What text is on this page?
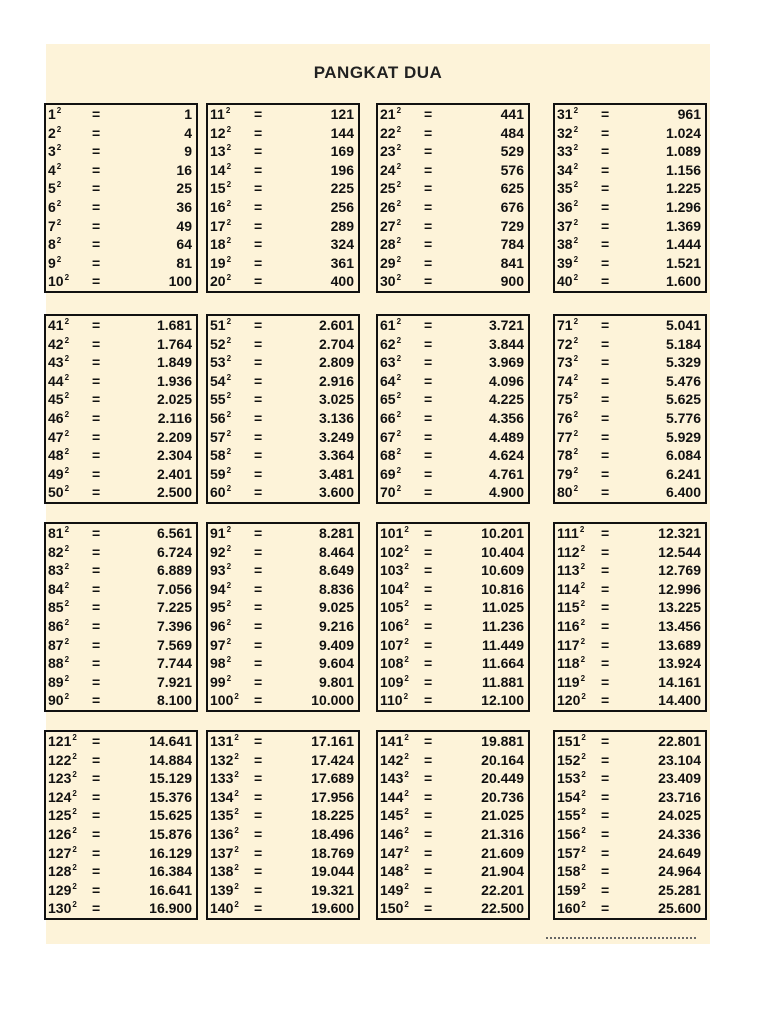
PANGKAT DUA
$1^2$ =	1
$2^2$ =	4
$3^2$ =	9
$4^2$ =	16
$5^2$ =	25
$6^2$ =	36
$7^2$ =	49
$8^2$ =	64
$9^2$ =	81
$10^2$ =	100
$11^2$ =	121
$12^2$ =	144
$13^2$ =	169
$14^2$ =	196
$15^2$ =	225
$16^2$ =	256
$17^2$ =	289
$18^2$ =	324
$19^2$ =	361
$20^2$ =	400
$21^2$ =	441
$22^2$ =	484
$23^2$ =	529
$24^2$ =	576
$25^2$ =	625
$26^2$ =	676
$27^2$ =	729
$28^2$ =	784
$29^2$ =	841
$30^2$ =	900
$31^2$ =	961
$32^2$ =	1.024
$33^2$ =	1.089
$34^2$ =	1.156
$35^2$ =	1.225
$36^2$ =	1.296
$37^2$ =	1.369
$38^2$ =	1.444
$39^2$ =	1.521
$40^2$ =	1.600
$41^2$ =	1.681
$42^2$ =	1.764
$43^2$ =	1.849
$44^2$ =	1.936
$45^2$ =	2.025
$46^2$ =	2.116
$47^2$ =	2.209
$48^2$ =	2.304
$49^2$ =	2.401
$50^2$ =	2.500
$51^2$ =	2.601
$52^2$ =	2.704
$53^2$ =	2.809
$54^2$ =	2.916
$55^2$ =	3.025
$56^2$ =	3.136
$57^2$ =	3.249
$58^2$ =	3.364
$59^2$ =	3.481
$60^2$ =	3.600
$61^2$ =	3.721
$62^2$ =	3.844
$63^2$ =	3.969
$64^2$ =	4.096
$65^2$ =	4.225
$66^2$ =	4.356
$67^2$ =	4.489
$68^2$ =	4.624
$69^2$ =	4.761
$70^2$ =	4.900
$71^2$ =	5.041
$72^2$ =	5.184
$73^2$ =	5.329
$74^2$ =	5.476
$75^2$ =	5.625
$76^2$ =	5.776
$77^2$ =	5.929
$78^2$ =	6.084
$79^2$ =	6.241
$80^2$ =	6.400
$81^2$ =	6.561
$82^2$ =	6.724
$83^2$ =	6.889
$84^2$ =	7.056
$85^2$ =	7.225
$86^2$ =	7.396
$87^2$ =	7.569
$88^2$ =	7.744
$89^2$ =	7.921
$90^2$ =	8.100
$91^2$ =	8.281
$92^2$ =	8.464
$93^2$ =	8.649
$94^2$ =	8.836
$95^2$ =	9.025
$96^2$ =	9.216
$97^2$ =	9.409
$98^2$ =	9.604
$99^2$ =	9.801
$100^2$ =	10.000
$101^2$ =	10.201
$102^2$ =	10.404
$103^2$ =	10.609
$104^2$ =	10.816
$105^2$ =	11.025
$106^2$ =	11.236
$107^2$ =	11.449
$108^2$ =	11.664
$109^2$ =	11.881
$110^2$ =	12.100
$111^2$ =	12.321
$112^2$ =	12.544
$113^2$ =	12.769
$114^2$ =	12.996
$115^2$ =	13.225
$116^2$ =	13.456
$117^2$ =	13.689
$118^2$ =	13.924
$119^2$ =	14.161
$120^2$ =	14.400
$121^2$ =	14.641
$122^2$ =	14.884
$123^2$ =	15.129
$124^2$ =	15.376
$125^2$ =	15.625
$126^2$ =	15.876
$127^2$ =	16.129
$128^2$ =	16.384
$129^2$ =	16.641
$130^2$ =	16.900
$131^2$ =	17.161
$132^2$ =	17.424
$133^2$ =	17.689
$134^2$ =	17.956
$135^2$ =	18.225
$136^2$ =	18.496
$137^2$ =	18.769
$138^2$ =	19.044
$139^2$ =	19.321
$140^2$ =	19.600
$141^2$ =	19.881
$142^2$ =	20.164
$143^2$ =	20.449
$144^2$ =	20.736
$145^2$ =	21.025
$146^2$ =	21.316
$147^2$ =	21.609
$148^2$ =	21.904
$149^2$ =	22.201
$150^2$ =	22.500
$151^2$ =	22.801
$152^2$ =	23.104
$153^2$ =	23.409
$154^2$ =	23.716
$155^2$ =	24.025
$156^2$ =	24.336
$157^2$ =	24.649
$158^2$ =	24.964
$159^2$ =	25.281
$160^2$ =	25.600
